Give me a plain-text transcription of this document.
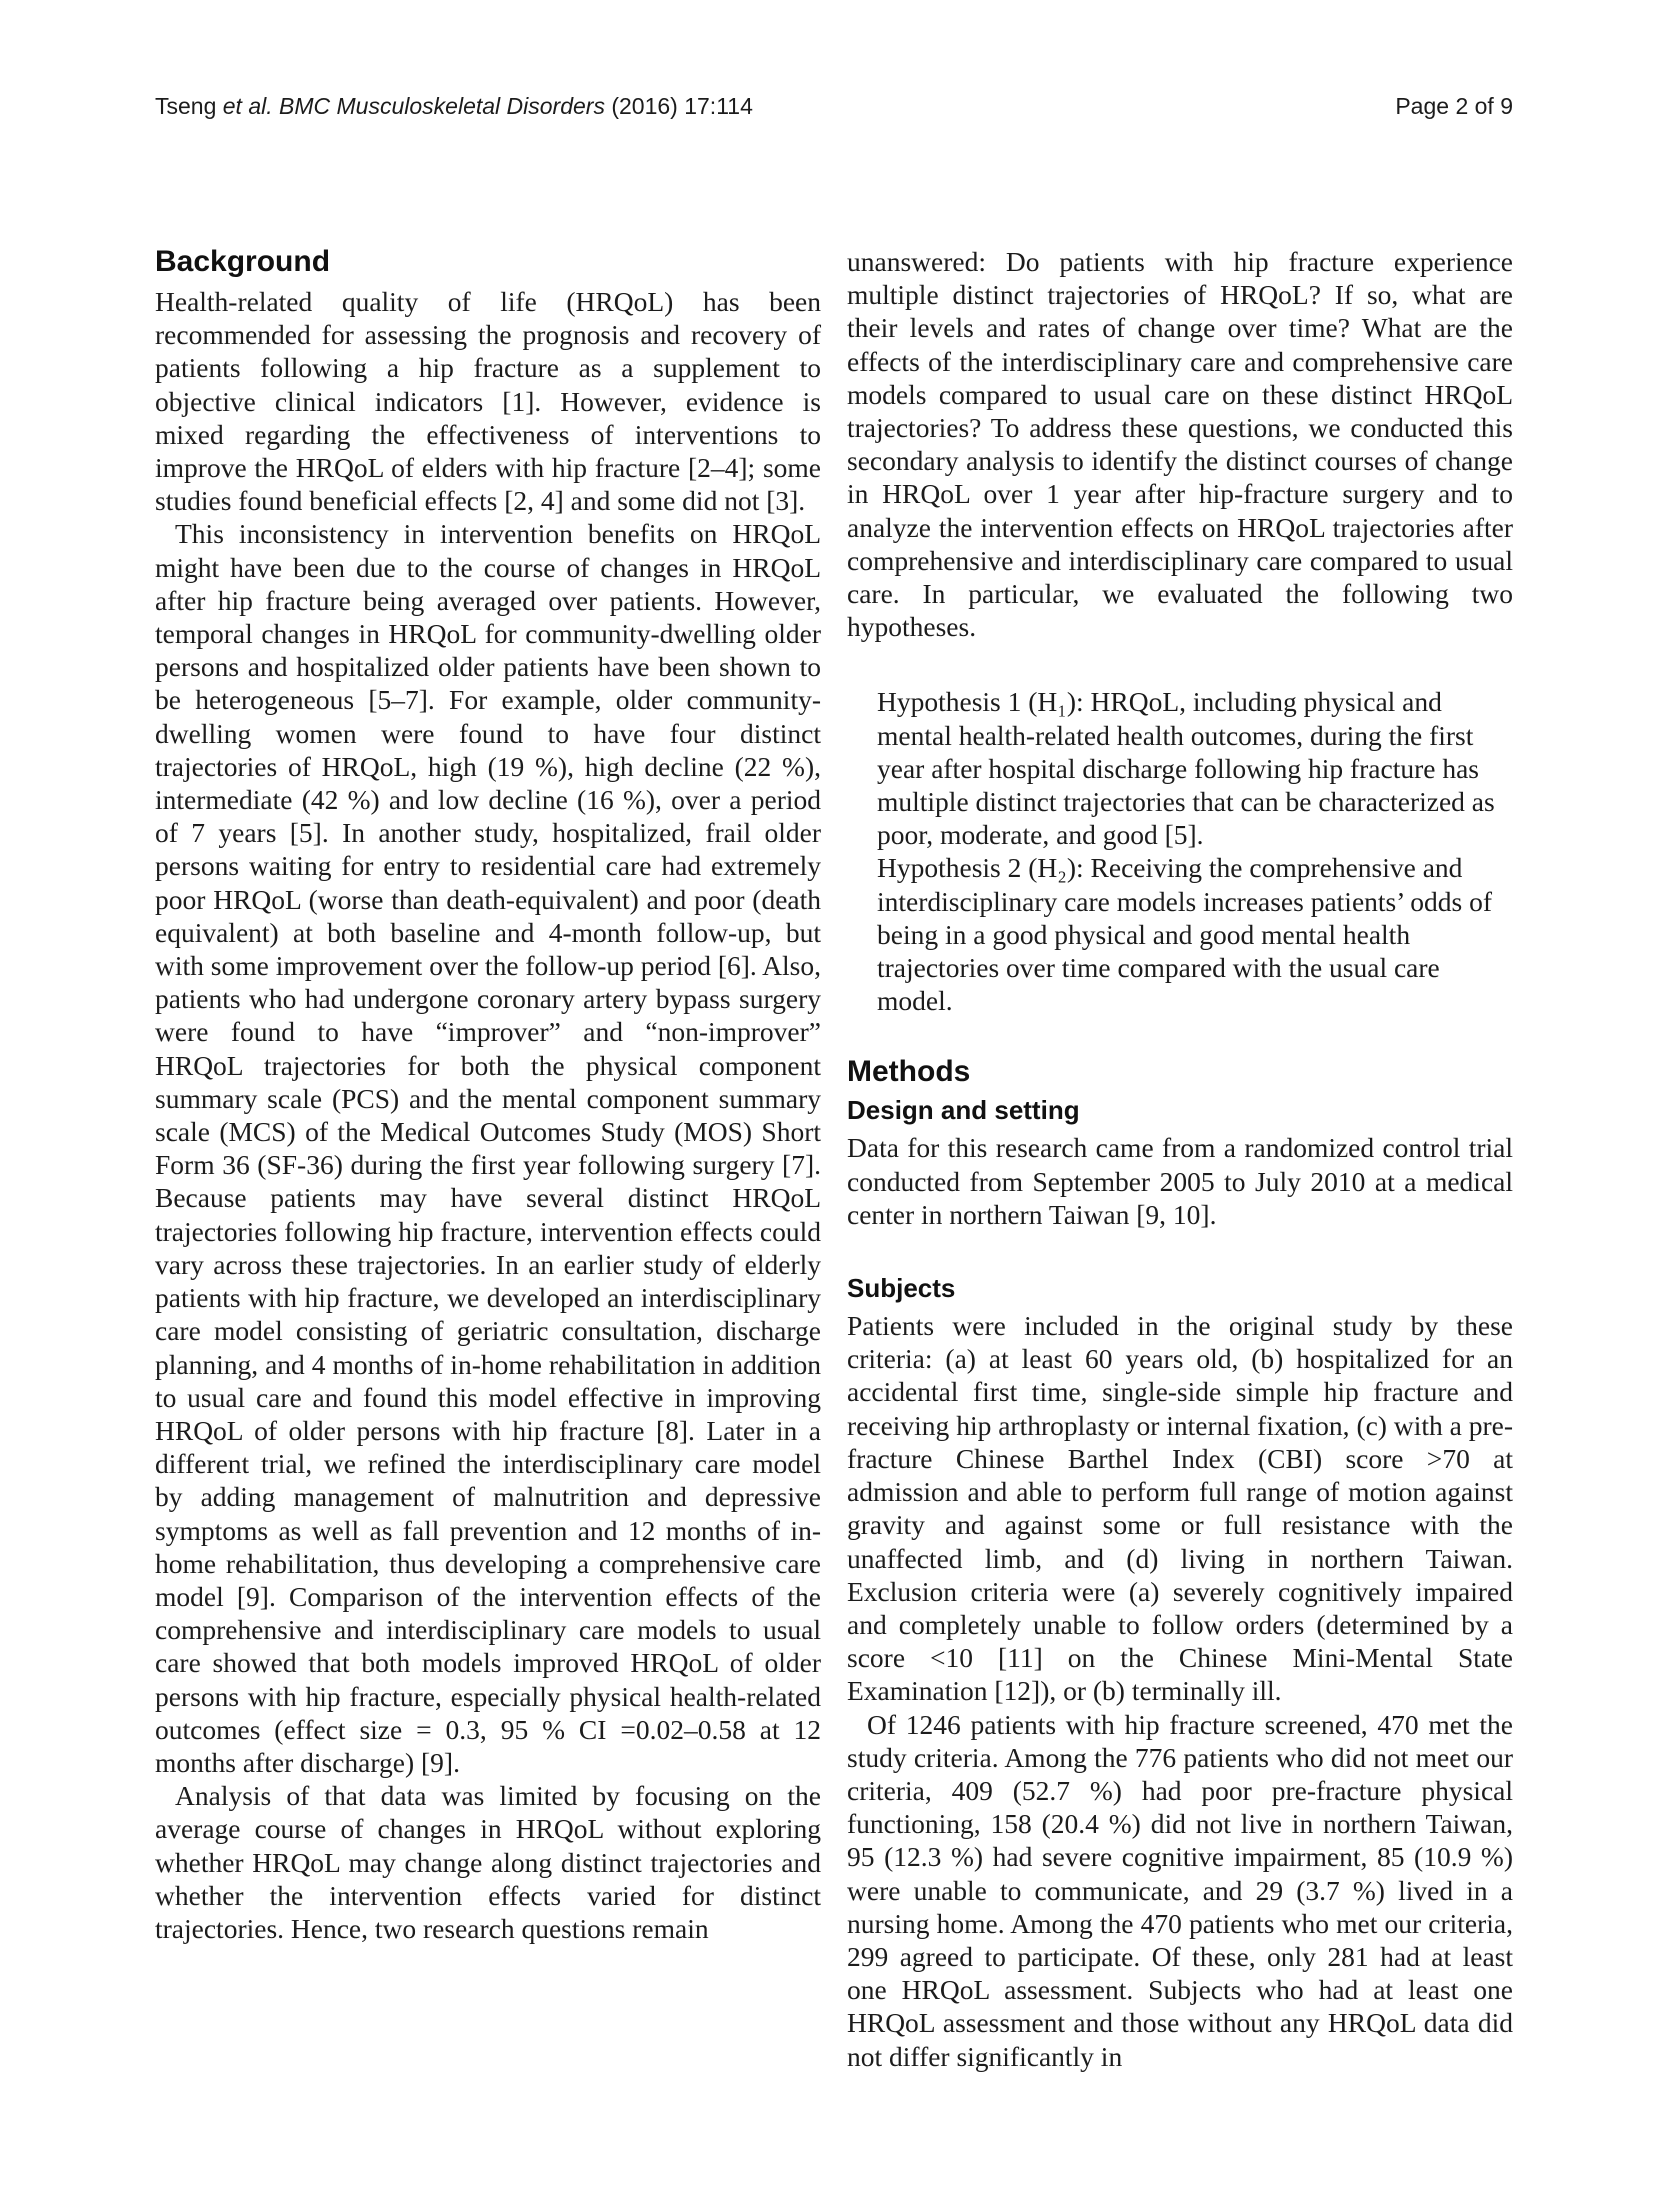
Tseng et al. BMC Musculoskeletal Disorders (2016) 17:114	Page 2 of 9
Background

Health-related quality of life (HRQoL) has been recommended for assessing the prognosis and recovery of patients following a hip fracture as a supplement to objective clinical indicators [1]. However, evidence is mixed regarding the effectiveness of interventions to improve the HRQoL of elders with hip fracture [2–4]; some studies found beneficial effects [2, 4] and some did not [3].

This inconsistency in intervention benefits on HRQoL might have been due to the course of changes in HRQoL after hip fracture being averaged over patients. However, temporal changes in HRQoL for community-dwelling older persons and hospitalized older patients have been shown to be heterogeneous [5–7]. For example, older community-dwelling women were found to have four distinct trajectories of HRQoL, high (19 %), high decline (22 %), intermediate (42 %) and low decline (16 %), over a period of 7 years [5]. In another study, hospitalized, frail older persons waiting for entry to residential care had extremely poor HRQoL (worse than death-equivalent) and poor (death equivalent) at both baseline and 4-month follow-up, but with some improvement over the follow-up period [6]. Also, patients who had undergone coronary artery bypass surgery were found to have “improver” and “non-improver” HRQoL trajectories for both the physical component summary scale (PCS) and the mental component summary scale (MCS) of the Medical Outcomes Study (MOS) Short Form 36 (SF-36) during the first year following surgery [7]. Because patients may have several distinct HRQoL trajectories following hip fracture, intervention effects could vary across these trajectories. In an earlier study of elderly patients with hip fracture, we developed an interdisciplinary care model consisting of geriatric consultation, discharge planning, and 4 months of in-home rehabilitation in addition to usual care and found this model effective in improving HRQoL of older persons with hip fracture [8]. Later in a different trial, we refined the interdisciplinary care model by adding management of malnutrition and depressive symptoms as well as fall prevention and 12 months of in-home rehabilitation, thus developing a comprehensive care model [9]. Comparison of the intervention effects of the comprehensive and interdisciplinary care models to usual care showed that both models improved HRQoL of older persons with hip fracture, especially physical health-related outcomes (effect size = 0.3, 95 % CI =0.02–0.58 at 12 months after discharge) [9].

Analysis of that data was limited by focusing on the average course of changes in HRQoL without exploring whether HRQoL may change along distinct trajectories and whether the intervention effects varied for distinct trajectories. Hence, two research questions remain

unanswered: Do patients with hip fracture experience multiple distinct trajectories of HRQoL? If so, what are their levels and rates of change over time? What are the effects of the interdisciplinary care and comprehensive care models compared to usual care on these distinct HRQoL trajectories? To address these questions, we conducted this secondary analysis to identify the distinct courses of change in HRQoL over 1 year after hip-fracture surgery and to analyze the intervention effects on HRQoL trajectories after comprehensive and interdisciplinary care compared to usual care. In particular, we evaluated the following two hypotheses.

Hypothesis 1 (H₁): HRQoL, including physical and mental health-related health outcomes, during the first year after hospital discharge following hip fracture has multiple distinct trajectories that can be characterized as poor, moderate, and good [5].

Hypothesis 2 (H₂): Receiving the comprehensive and interdisciplinary care models increases patients’ odds of being in a good physical and good mental health trajectories over time compared with the usual care model.

Methods
Design and setting

Data for this research came from a randomized control trial conducted from September 2005 to July 2010 at a medical center in northern Taiwan [9, 10].

Subjects

Patients were included in the original study by these criteria: (a) at least 60 years old, (b) hospitalized for an accidental first time, single-side simple hip fracture and receiving hip arthroplasty or internal fixation, (c) with a pre-fracture Chinese Barthel Index (CBI) score >70 at admission and able to perform full range of motion against gravity and against some or full resistance with the unaffected limb, and (d) living in northern Taiwan. Exclusion criteria were (a) severely cognitively impaired and completely unable to follow orders (determined by a score <10 [11] on the Chinese Mini-Mental State Examination [12]), or (b) terminally ill.

Of 1246 patients with hip fracture screened, 470 met the study criteria. Among the 776 patients who did not meet our criteria, 409 (52.7 %) had poor pre-fracture physical functioning, 158 (20.4 %) did not live in northern Taiwan, 95 (12.3 %) had severe cognitive impairment, 85 (10.9 %) were unable to communicate, and 29 (3.7 %) lived in a nursing home. Among the 470 patients who met our criteria, 299 agreed to participate. Of these, only 281 had at least one HRQoL assessment. Subjects who had at least one HRQoL assessment and those without any HRQoL data did not differ significantly in
